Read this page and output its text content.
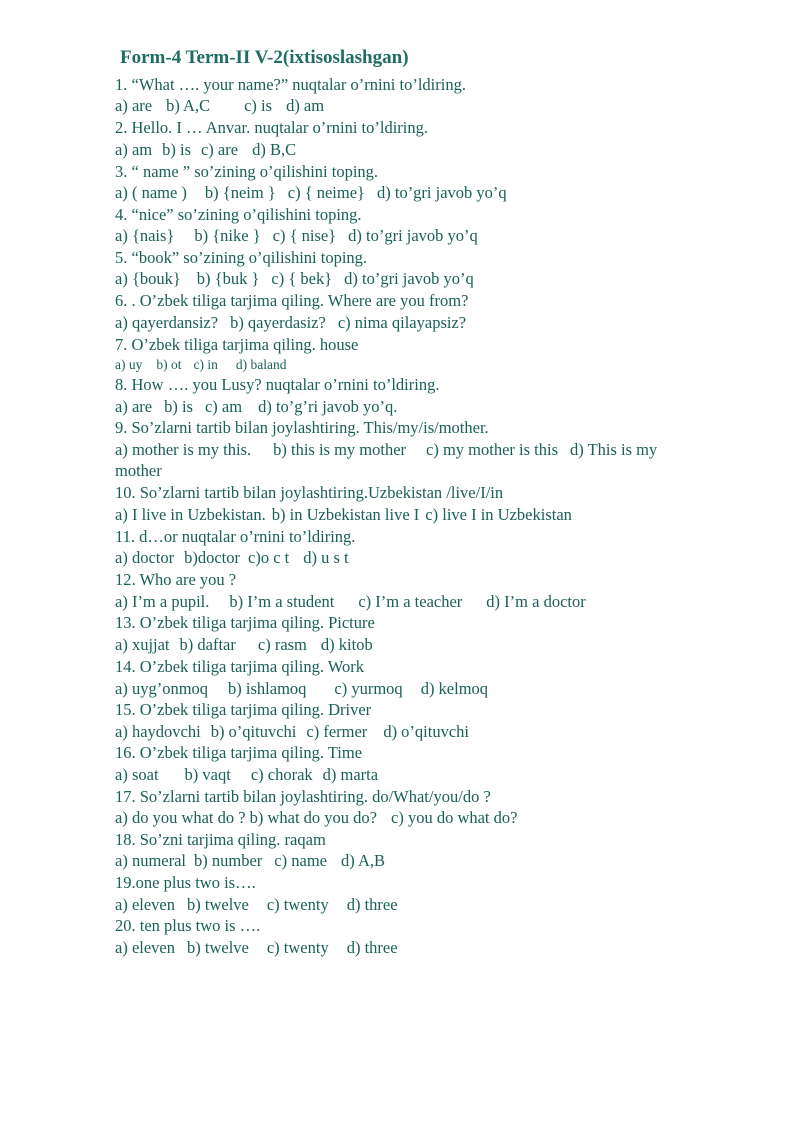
Form-4 Term-II V-2(ixtisoslashgan)
1. “What …. your name?” nuqtalar o’rnini to’ldiring.
a) are b) A,C c) is d) am
2. Hello. I … Anvar. nuqtalar o’rnini to’ldiring.
a) am b) is c) are d) B,C
3. “ name ” so’zining o’qilishini toping.
a) ( name ) b) {neim } c) { neime} d) to’gri javob yo’q
4. “nice” so’zining o’qilishini toping.
a) {nais} b) {nike } c) { nise} d) to’gri javob yo’q
5. “book” so’zining o’qilishini toping.
a) {bouk} b) {buk } c) { bek} d) to’gri javob yo’q
6. . O’zbek tiliga tarjima qiling. Where are you from?
a) qayerdansiz? b) qayerdasiz? c) nima qilayapsiz?
7. O’zbek tiliga tarjima qiling. house
a) uy b) ot c) in d) baland
8. How …. you Lusy? nuqtalar o’rnini to’ldiring.
a) are b) is c) am d) to’g’ri javob yo’q.
9. So’zlarni tartib bilan joylashtiring. This/my/is/mother.
a) mother is my this. b) this is my mother c) my mother is this d) This is my
mother
10. So’zlarni tartib bilan joylashtiring.Uzbekistan /live/I/in
a) I live in Uzbekistan. b) in Uzbekistan live I c) live I in Uzbekistan
11. d…or nuqtalar o’rnini to’ldiring.
a) doctor b)doctor c)o c t d) u s t
12. Who are you ?
a) I’m a pupil. b) I’m a student c) I’m a teacher d) I’m a doctor
13. O’zbek tiliga tarjima qiling. Picture
a) xujjat b) daftar c) rasm d) kitob
14. O’zbek tiliga tarjima qiling. Work
a) uyg’onmoq b) ishlamoq c) yurmoq d) kelmoq
15. O’zbek tiliga tarjima qiling. Driver
a) haydovchi b) o’qituvchi c) fermer d) o’qituvchi
16. O’zbek tiliga tarjima qiling. Time
a) soat b) vaqt c) chorak d) marta
17. So’zlarni tartib bilan joylashtiring. do/What/you/do ?
a) do you what do ? b) what do you do? c) you do what do?
18. So’zni tarjima qiling. raqam
a) numeral b) number c) name d) A,B
19.one plus two is….
a) eleven b) twelve c) twenty d) three
20. ten plus two is ….
a) eleven b) twelve c) twenty d) three
